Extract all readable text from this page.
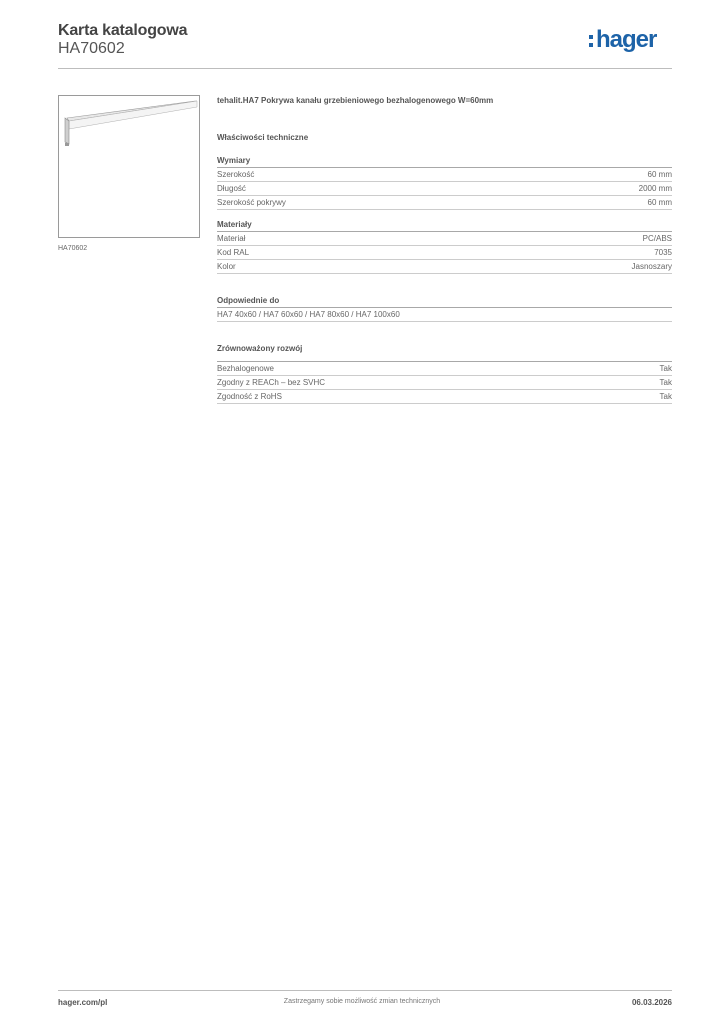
Karta katalogowa
HA70602	hager
HA70602
tehalit.HA7 Pokrywa kanału grzebieniowego bezhalogenowego W=60mm
Właściwości techniczne
Wymiary
Szerokość	60 mm
Długość	2000 mm
Szerokość pokrywy	60 mm
Materiały
Materiał	PC/ABS
Kod RAL	7035
Kolor	Jasnoszary
Odpowiednie do
HA7 40x60 / HA7 60x60 / HA7 80x60 / HA7 100x60
Zrównoważony rozwój
Bezhalogenowe	Tak
Zgodny z REACh – bez SVHC	Tak
Zgodność z RoHS	Tak
hager.com/pl	Zastrzegamy sobie możliwość zmian technicznych	06.03.2026
